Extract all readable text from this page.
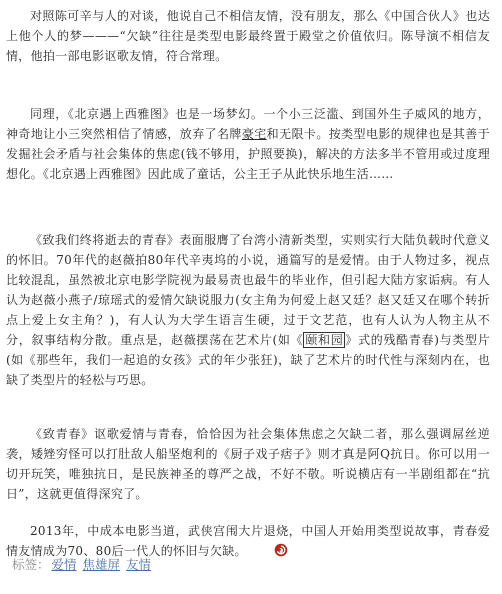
对照陈可辛与人的对谈，他说自己不相信友情，没有朋友，那么《中国合伙人》也达上他个人的梦———“欠缺”往往是类型电影最终置于殿堂之价值依归。陈导演不相信友情，他拍一部电影讴歌友情，符合常理。

同理，《北京遇上西雅图》也是一场梦幻。一个小三泛滥、到国外生子威风的地方，神奇地让小三突然相信了情感，放弃了名牌豪宅和无限卡。按类型电影的规律也是其善于发掘社会矛盾与社会集体的焦虑(钱不够用，护照要换)，解决的方法多半不管用或过度理想化。《北京遇上西雅图》因此成了童话，公主王子从此快乐地生活……

《致我们终将逝去的青春》表面服膺了台湾小清新类型，实则实行大陆负载时代意义的怀旧。70年代的赵薇拍80年代辛夷坞的小说，通篇写的是爱情。由于人物过多，视点比较混乱，虽然被北京电影学院视为最易责也最牛的毕业作，但引起大陆方家诟病。有人认为赵薇小燕子/琼瑶式的爱情欠缺说服力(女主角为何爱上赵又廷？赵又廷又在哪个转折点上爱上女主角？)，有人认为大学生语言生硬，过于文艺范，也有人认为人物主从不分，叙事结构分散。重点是，赵薇摆荡在艺术片(如《 颐和园 》式的残酷青春)与类型片(如《那些年，我们一起追的女孩》式的年少张狂)，缺了艺术片的时代性与深刻内在，也缺了类型片的轻松与巧思。

《致青春》讴歌爱情与青春，恰恰因为社会集体焦虑之欠缺二者，那么强调屌丝逆袭，矮矬穷怪可以打肚敌人船坚炮利的《厨子戏子痞子》则才真是阿Q抗日。你可以用一切开玩笑，唯独抗日，是民族神圣的尊严之战，不好不敬。听说横店有一半剧组都在“抗日”，这就更值得深究了。

2013年，中成本电影当道，武侠宫闱大片退烧，中国人开始用类型说故事，青春爱情友情成为70、80后一代人的怀旧与欠缺。

标签： 爱情 焦雄屏 友情
